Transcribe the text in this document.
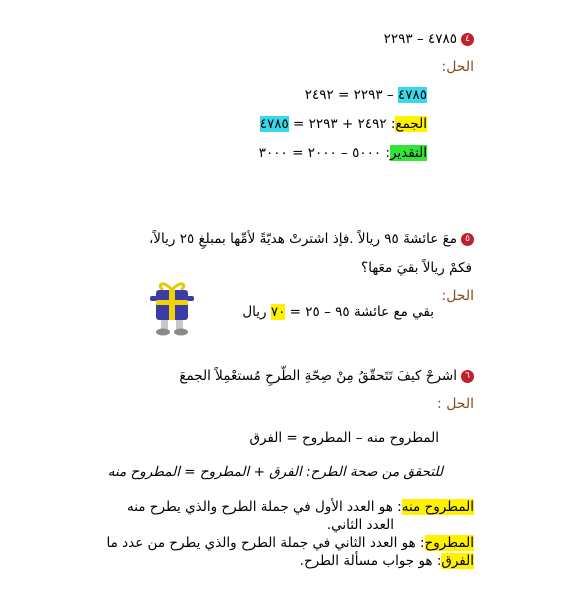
٤٤٧٨٥ – ٢٢٩٣
الحل:
٤٧٨٥ – ٢٢٩٣ = ٢٤٩٢
الجمع: ٢٤٩٢ + ٢٢٩٣ = ٤٧٨٥
التقدير: ٥٠٠٠ – ٢٠٠٠ = ٣٠٠٠
٥معَ عائشةَ ٩٥ ريالاً .فإذ اشترتْ هديّةً لأمِّها بمبلغِ ٢٥ ريالاً،
فكمْ ريالاً بقيَ معَها؟
الحل:
بقي مع عائشة ٩٥ – ٢٥ = ٧٠ ريال
٦اشرحْ كيفَ تَتَحقّقُ مِنْ صِحّةِ الطّرحِ مُستعْمِلاً الجمعَ
الحل :
المطروح منه – المطروح = الفرق
للتحقق من صحة الطرح: الفرق + المطروح = المطروح منه
المطروح منه: هو العدد الأول في جملة الطرح والذي يطرح منه
العدد الثاني.
المطروح: هو العدد الثاني في جملة الطرح والذي يطرح من عدد ما
الفرق: هو جواب مسألة الطرح.
